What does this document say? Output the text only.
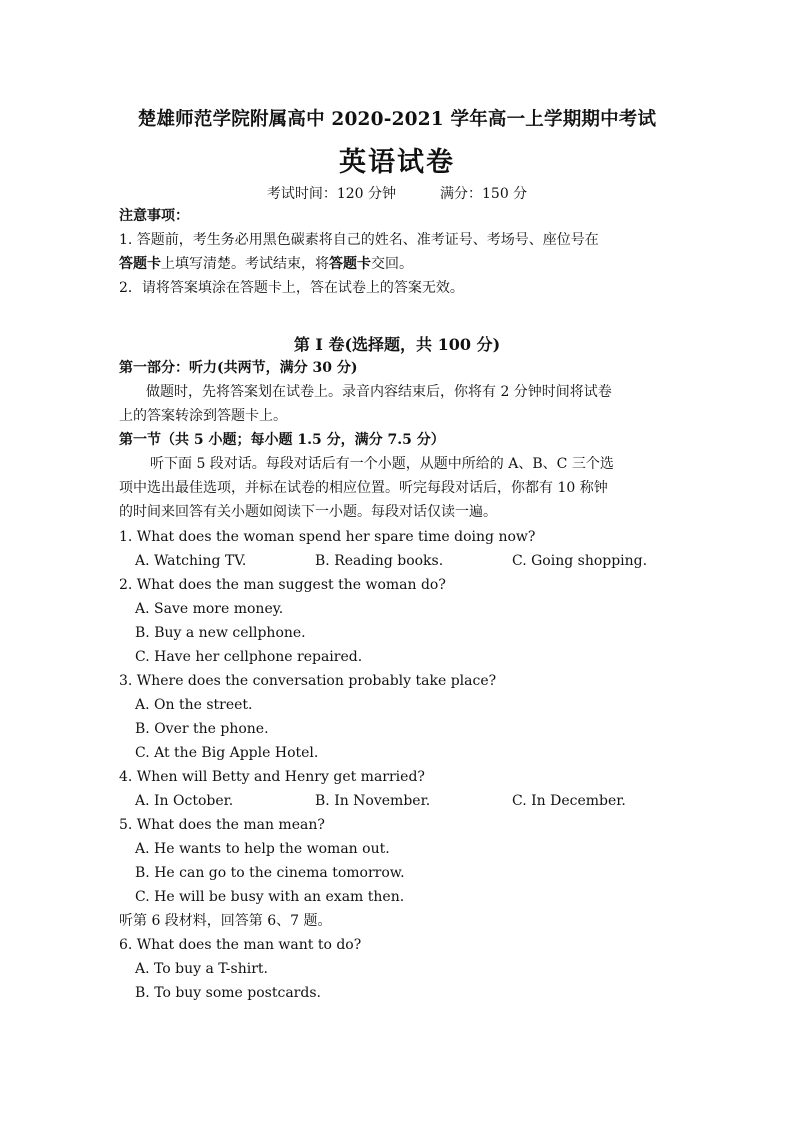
楚雄师范学院附属高中 2020-2021 学年高一上学期期中考试
英语试卷
考试时间：120 分钟	满分：150 分
注意事项：
1. 答题前，考生务必用黑色碳素将自己的姓名、准考证号、考场号、座位号在
答题卡上填写清楚。考试结束，将答题卡交回。
2．请将答案填涂在答题卡上，答在试卷上的答案无效。
第 I 卷(选择题，共 100 分)
第一部分：听力(共两节，满分 30 分)
做题时，先将答案划在试卷上。录音内容结束后，你将有 2 分钟时间将试卷
上的答案转涂到答题卡上。
第一节（共 5 小题；每小题 1.5 分，满分 7.5 分）
听下面 5 段对话。每段对话后有一个小题，从题中所给的 A、B、C 三个选
项中选出最佳选项，并标在试卷的相应位置。听完每段对话后，你都有 10 称钟
的时间来回答有关小题如阅读下一小题。每段对话仅读一遍。
1. What does the woman spend her spare time doing now?
A. Watching TV.	B. Reading books.	C. Going shopping.
2. What does the man suggest the woman do?
A. Save more money.
B. Buy a new cellphone.
C. Have her cellphone repaired.
3. Where does the conversation probably take place?
A. On the street.
B. Over the phone.
C. At the Big Apple Hotel.
4. When will Betty and Henry get married?
A. In October.	B. In November.	C. In December.
5. What does the man mean?
A. He wants to help the woman out.
B. He can go to the cinema tomorrow.
C. He will be busy with an exam then.
听第 6 段材料，回答第 6、7 题。
6. What does the man want to do?
A. To buy a T-shirt.
B. To buy some postcards.
